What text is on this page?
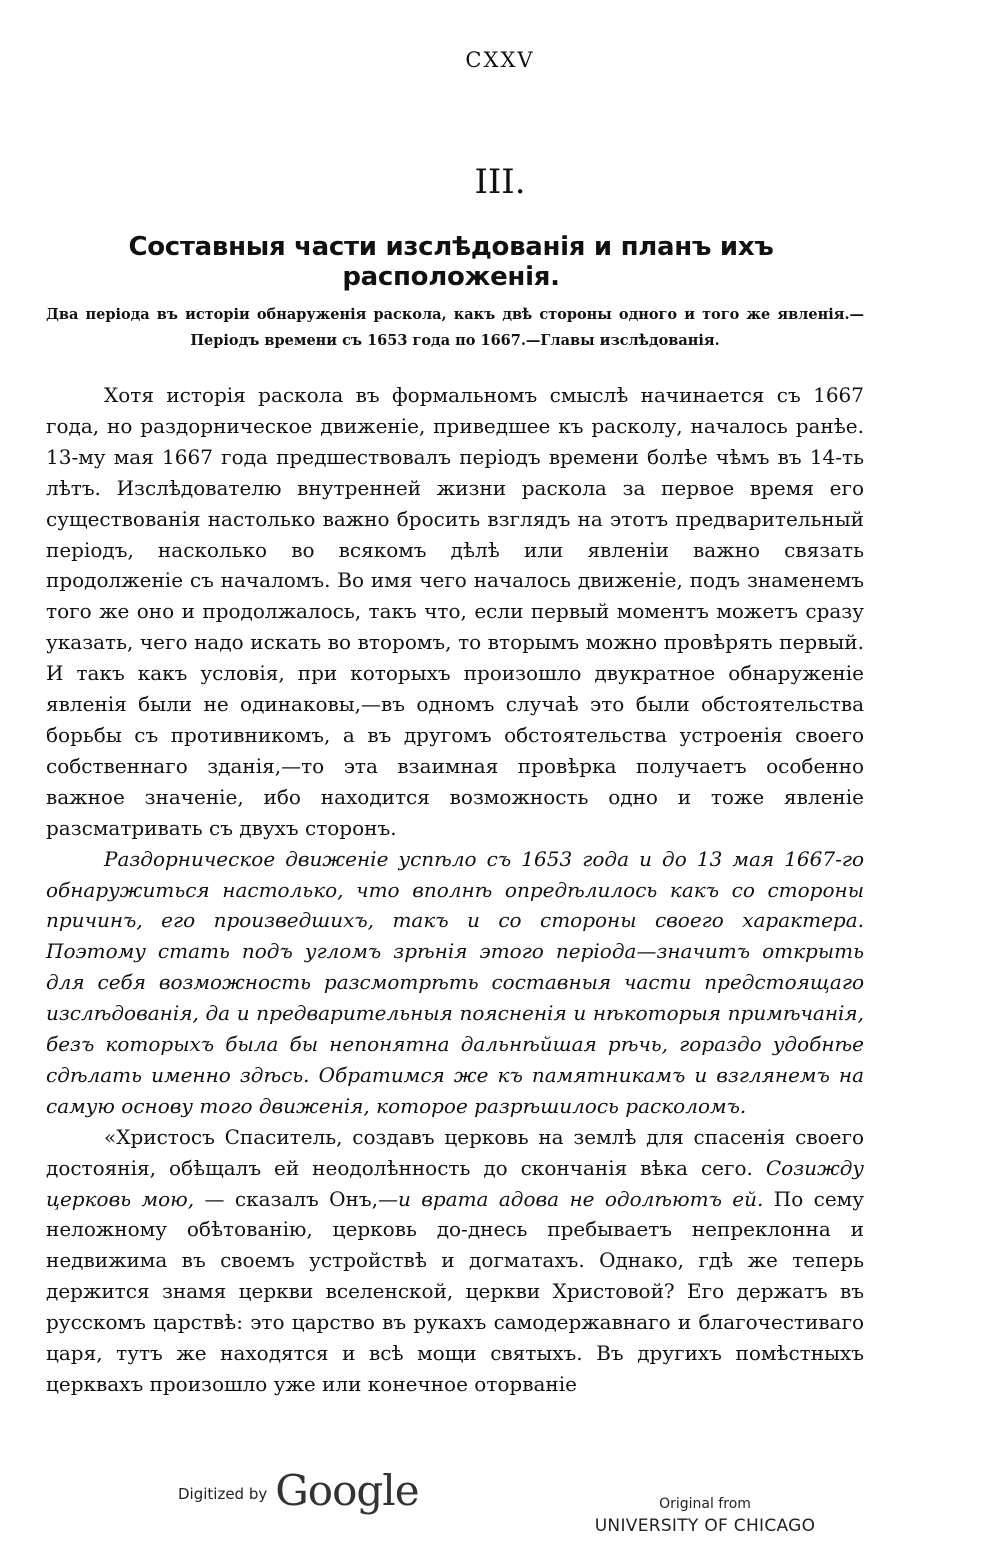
CXXV
III.
Составныя части изслѣдованія и планъ ихъ расположенія.

Два періода въ исторіи обнаруженія раскола, какъ двѣ стороны одного и того же явленія.—Періодъ времени съ 1653 года по 1667.—Главы изслѣдованія.

Хотя исторія раскола въ формальномъ смыслѣ начинается съ 1667 года, но раздорническое движеніе, приведшее къ расколу, началось ранѣе. 13-му мая 1667 года предшествовалъ періодъ времени болѣе чѣмъ въ 14-ть лѣтъ. Изслѣдователю внутренней жизни раскола за первое время его существованія настолько важно бросить взглядъ на этотъ предварительный періодъ, насколько во всякомъ дѣлѣ или явленіи важно связать продолженіе съ началомъ. Во имя чего началось движеніе, подъ знаменемъ того же оно и продолжалось, такъ что, если первый моментъ можетъ сразу указать, чего надо искать во второмъ, то вторымъ можно провѣрять первый. И такъ какъ условія, при которыхъ произошло двукратное обнаруженіе явленія были не одинаковы,—въ одномъ случаѣ это были обстоятельства борьбы съ противникомъ, а въ другомъ обстоятельства устроенія своего собственнаго зданія,—то эта взаимная провѣрка получаетъ особенно важное значеніе, ибо находится возможность одно и тоже явленіе разсматривать съ двухъ сторонъ.

Раздорническое движеніе успѣло съ 1653 года и до 13 мая 1667-го обнаружиться настолько, что вполнѣ опредѣлилось какъ со стороны причинъ, его произведшихъ, такъ и со стороны своего характера. Поэтому стать подъ угломъ зрѣнія этого періода—значитъ открыть для себя возможность разсмотрѣть составныя части предстоящаго изслѣдованія, да и предварительныя поясненія и нѣкоторыя примѣчанія, безъ которыхъ была бы непонятна дальнѣйшая рѣчь, гораздо удобнѣе сдѣлать именно здѣсь. Обратимся же къ памятникамъ и взглянемъ на самую основу того движенія, которое разрѣшилось расколомъ.

«Христосъ Спаситель, создавъ церковь на землѣ для спасенія своего достоянія, обѣщалъ ей неодолѣнность до скончанія вѣка сего. Созижду церковь мою, — сказалъ Онъ,—и врата адова не одолѣютъ ей. По сему неложному обѣтованію, церковь до-днесь пребываетъ непреклонна и недвижима въ своемъ устройствѣ и догматахъ. Однако, гдѣ же теперь держится знамя церкви вселенской, церкви Христовой? Его держатъ въ русскомъ царствѣ: это царство въ рукахъ самодержавнаго и благочестиваго царя, тутъ же находятся и всѣ мощи святыхъ. Въ другихъ помѣстныхъ церквахъ произошло уже или конечное оторваніе

Digitized by Google	Original from
UNIVERSITY OF CHICAGO
